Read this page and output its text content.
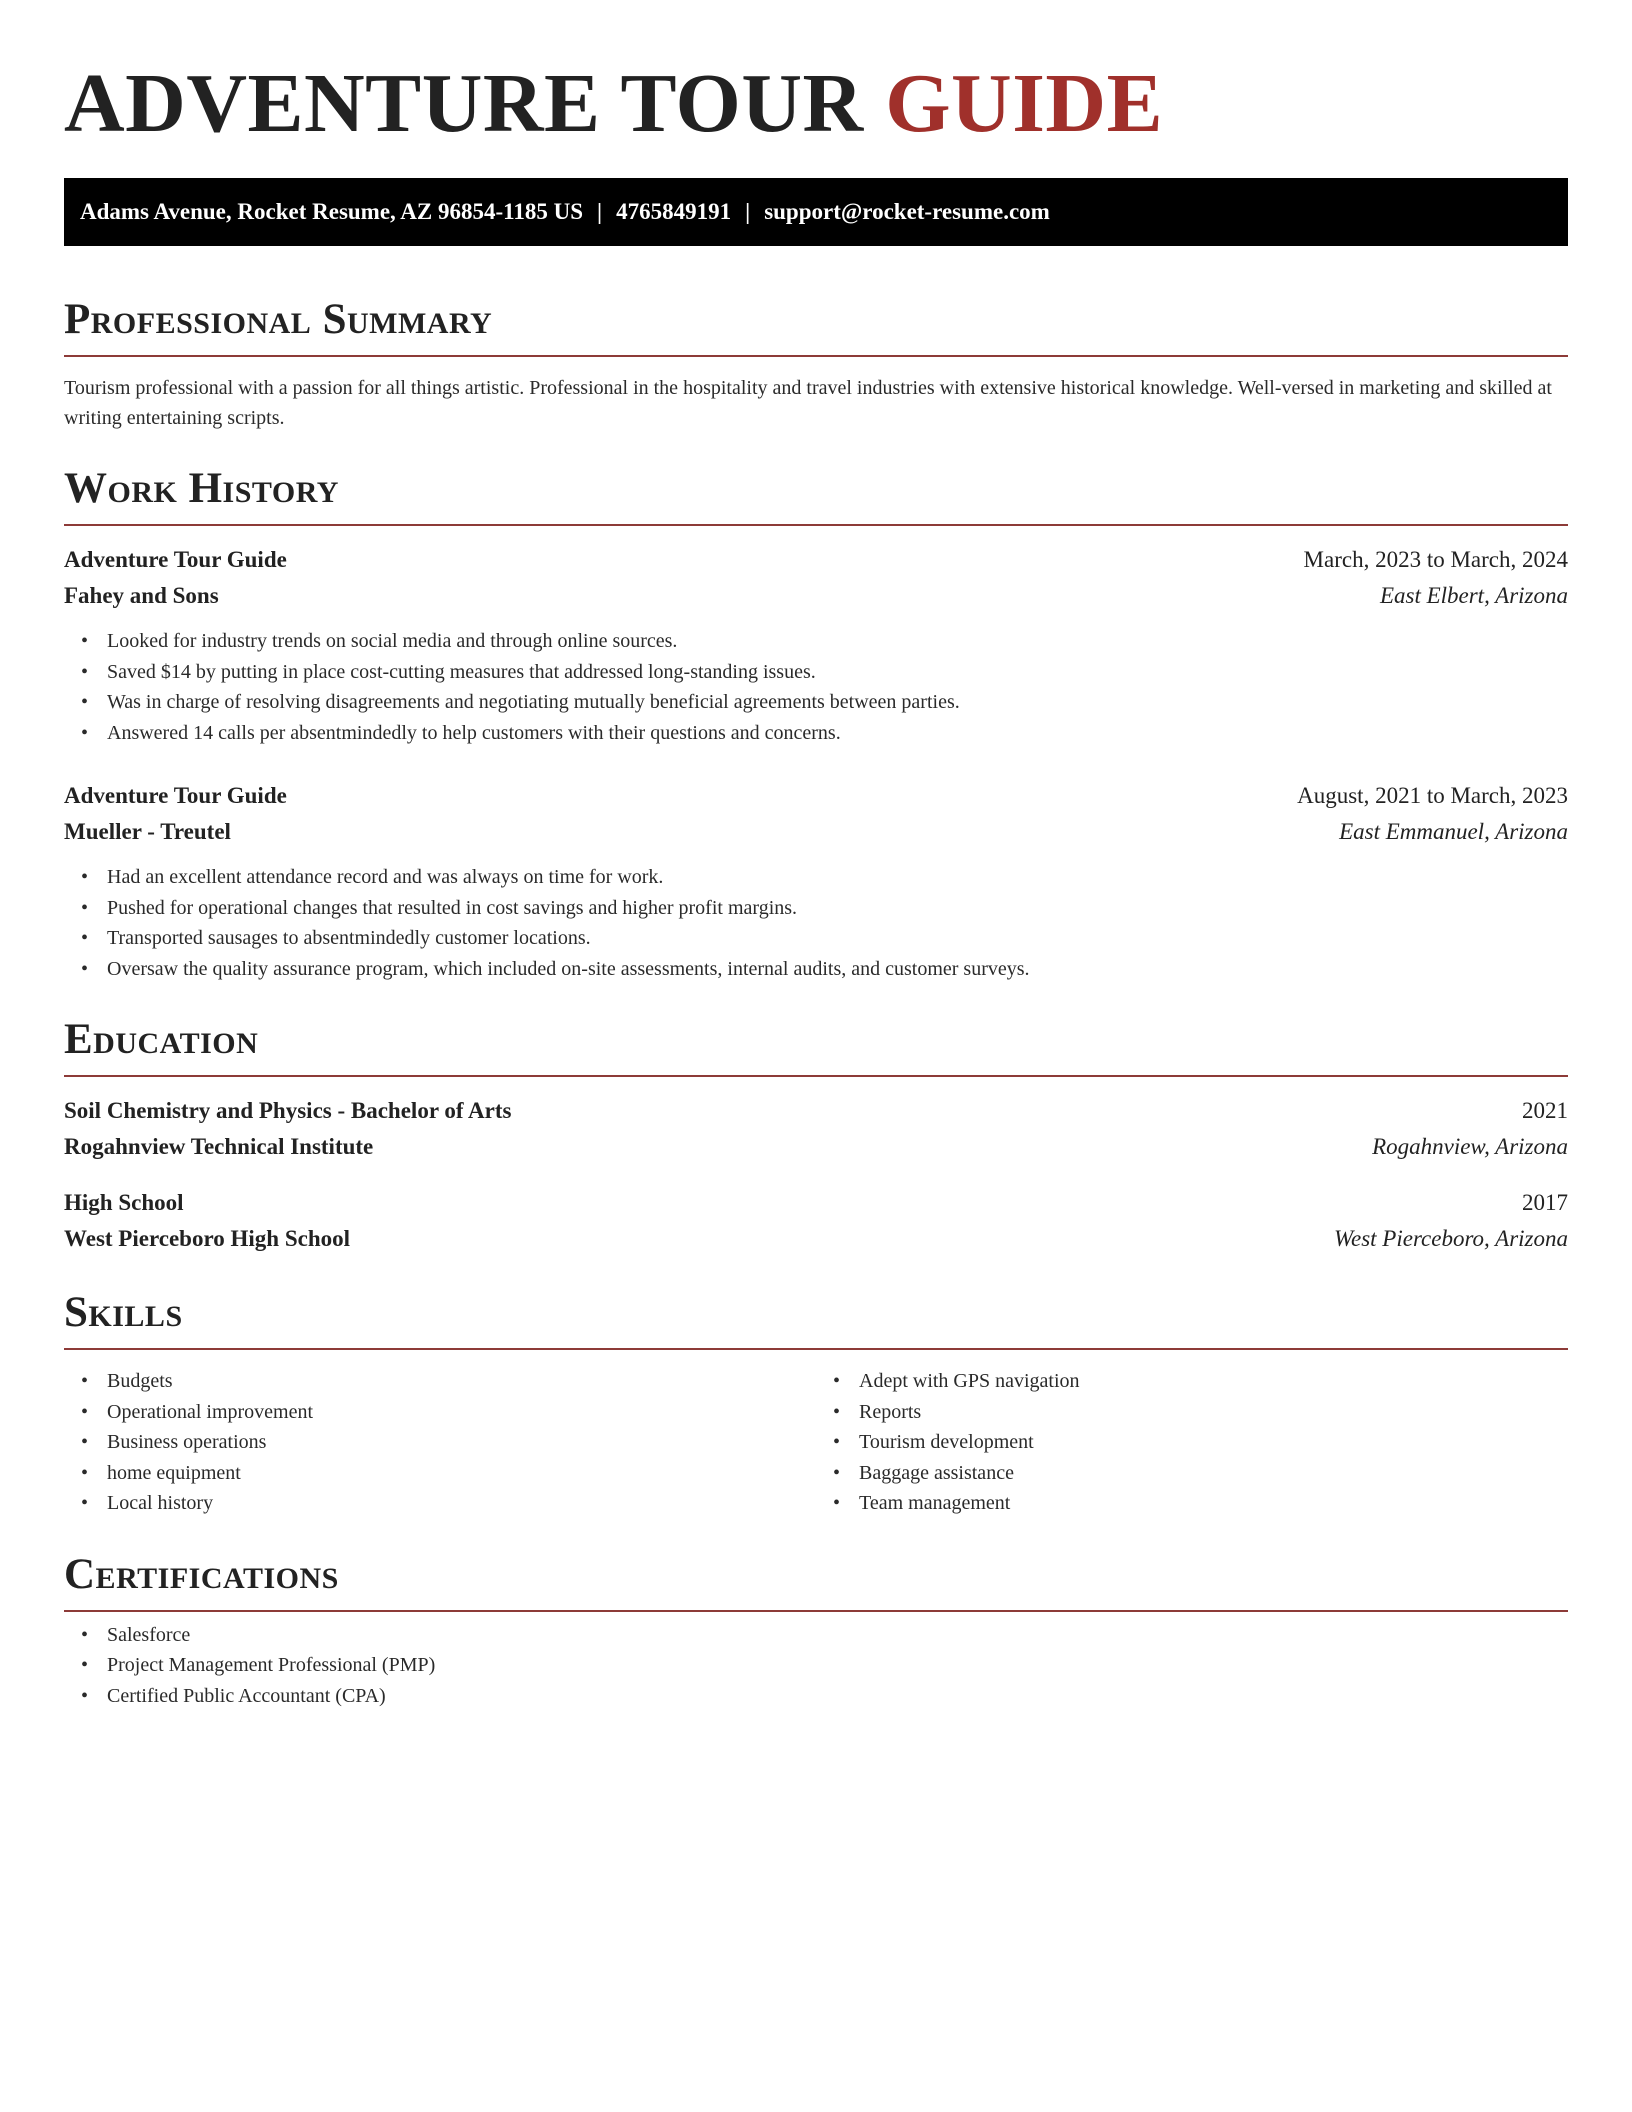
ADVENTURE TOUR GUIDE
Adams Avenue, Rocket Resume, AZ 96854-1185 US | 4765849191 | support@rocket-resume.com
Professional Summary

Tourism professional with a passion for all things artistic. Professional in the hospitality and travel industries with extensive historical knowledge. Well-versed in marketing and skilled at writing entertaining scripts.

Work History
Adventure Tour Guide	March, 2023 to March, 2024
Fahey and Sons	East Elbert, Arizona
• Looked for industry trends on social media and through online sources.
• Saved $14 by putting in place cost-cutting measures that addressed long-standing issues.
• Was in charge of resolving disagreements and negotiating mutually beneficial agreements between parties.
• Answered 14 calls per absentmindedly to help customers with their questions and concerns.
Adventure Tour Guide	August, 2021 to March, 2023
Mueller - Treutel	East Emmanuel, Arizona
• Had an excellent attendance record and was always on time for work.
• Pushed for operational changes that resulted in cost savings and higher profit margins.
• Transported sausages to absentmindedly customer locations.
• Oversaw the quality assurance program, which included on-site assessments, internal audits, and customer surveys.
Education
Soil Chemistry and Physics - Bachelor of Arts	2021
Rogahnview Technical Institute	Rogahnview, Arizona
High School	2017
West Pierceboro High School	West Pierceboro, Arizona
Skills
• Budgets
• Operational improvement
• Business operations
• home equipment
• Local history
• Adept with GPS navigation
• Reports
• Tourism development
• Baggage assistance
• Team management
Certifications
• Salesforce
• Project Management Professional (PMP)
• Certified Public Accountant (CPA)
